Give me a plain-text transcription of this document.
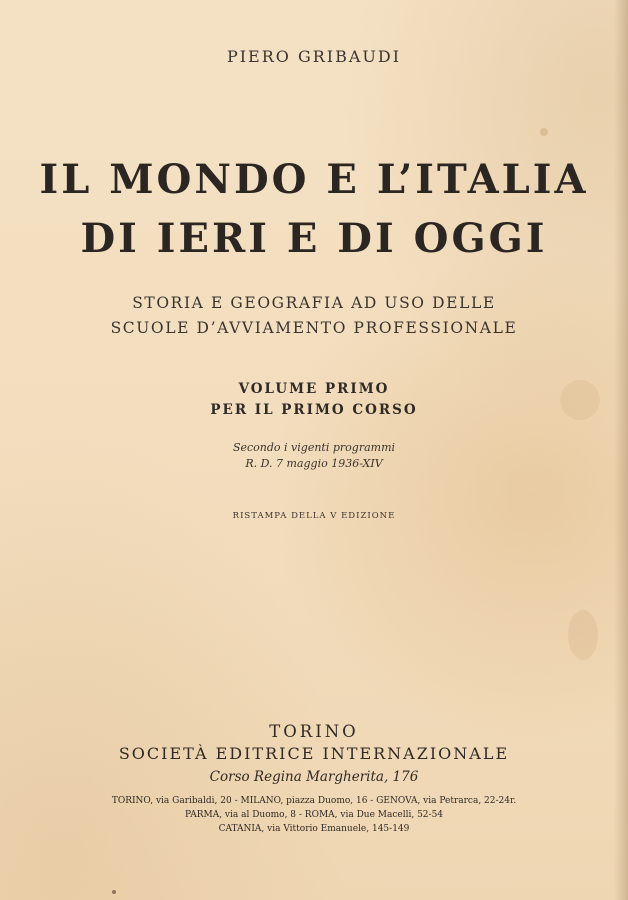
PIERO GRIBAUDI
IL MONDO E L’ITALIA
DI IERI E DI OGGI
STORIA E GEOGRAFIA AD USO DELLE
SCUOLE D’AVVIAMENTO PROFESSIONALE
VOLUME PRIMO
PER IL PRIMO CORSO
Secondo i vigenti programmi
R. D. 7 maggio 1936-XIV
RISTAMPA DELLA V EDIZIONE
TORINO
SOCIETÀ EDITRICE INTERNAZIONALE
Corso Regina Margherita, 176
TORINO, via Garibaldi, 20 - MILANO, piazza Duomo, 16 - GENOVA, via Petrarca, 22-24r.
PARMA, via al Duomo, 8 - ROMA, via Due Macelli, 52-54
CATANIA, via Vittorio Emanuele, 145-149
